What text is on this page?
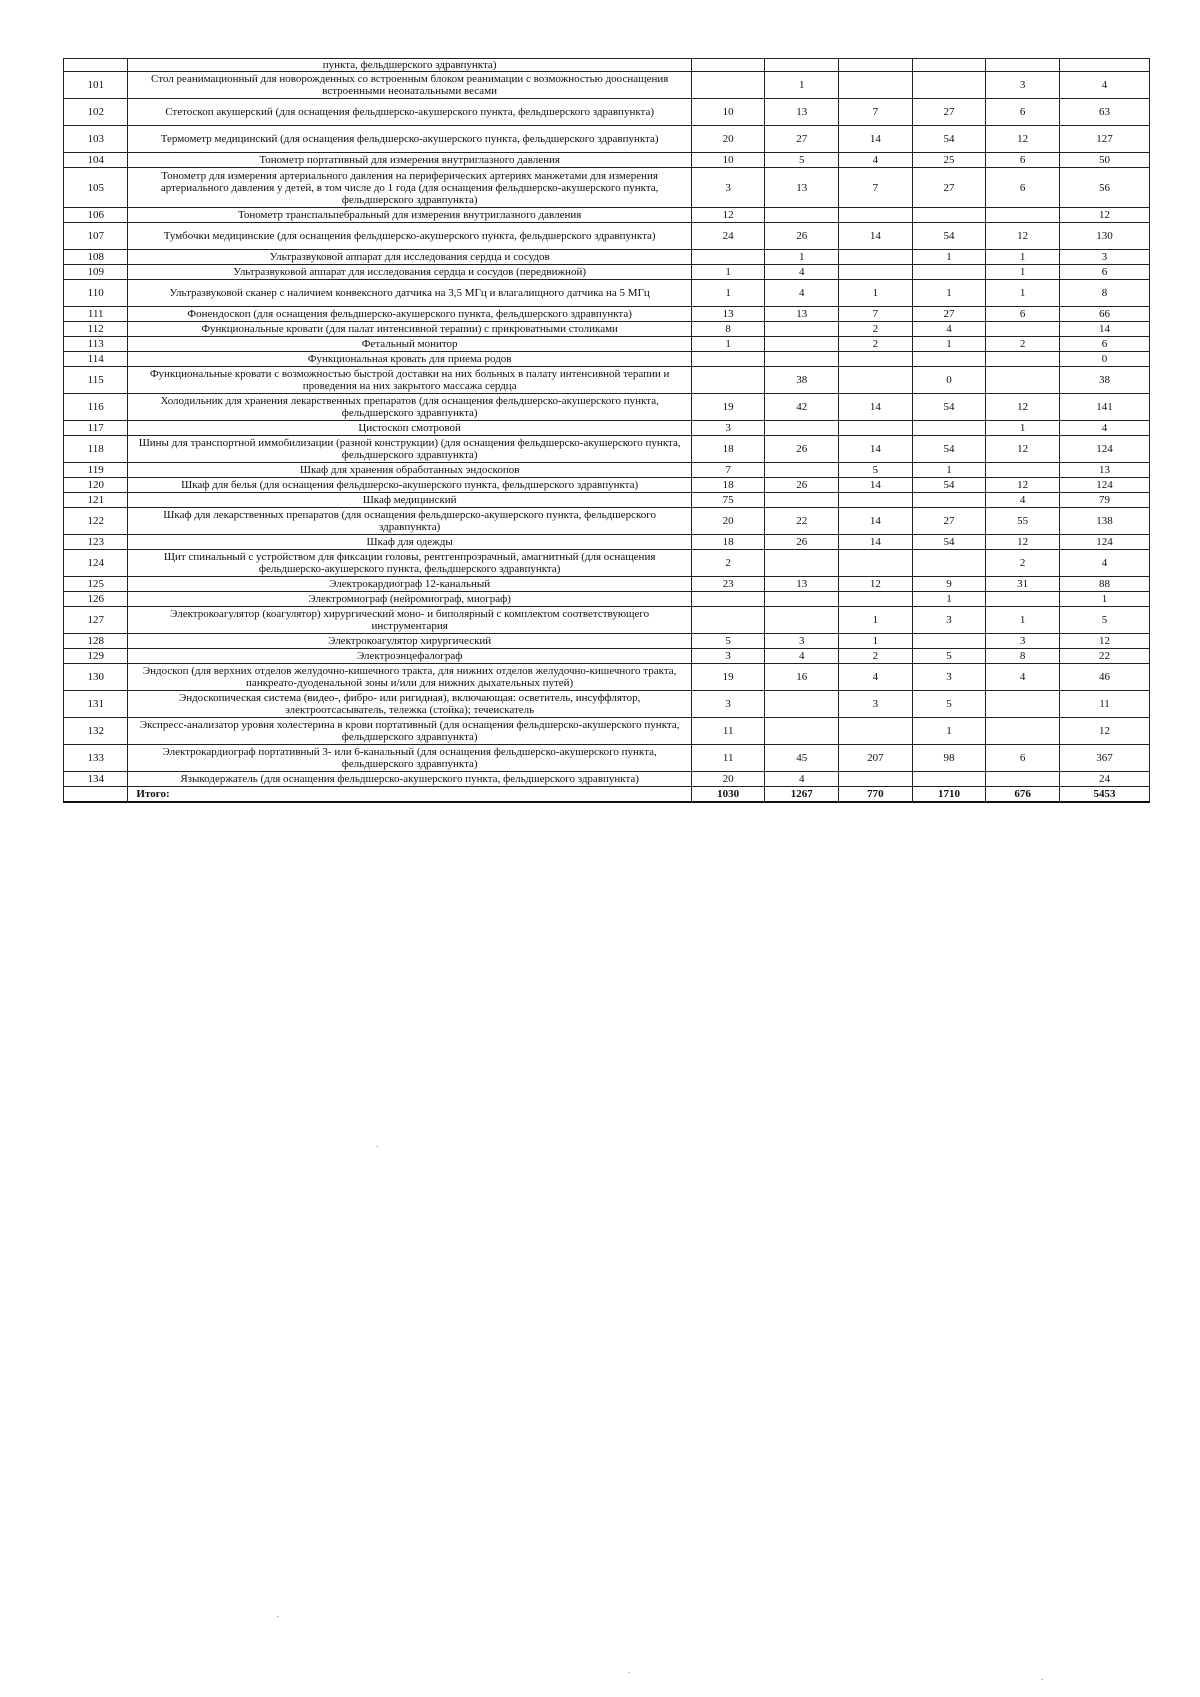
	пункта, фельдшерского здравпункта)						
101	Стол реанимационный для новорожденных со встроенным блоком реанимации с возможностью дооснащения встроенными неонатальными весами		1			3	4
102	Стетоскоп акушерский (для оснащения фельдшерско-акушерского пункта, фельдшерского здравпункта)	10	13	7	27	6	63
103	Термометр медицинский (для оснащения фельдшерско-акушерского пункта, фельдшерского здравпункта)	20	27	14	54	12	127
104	Тонометр портативный для измерения внутриглазного давления	10	5	4	25	6	50
105	Тонометр для измерения артериального давления на периферических артериях манжетами для измерения артериального давления у детей, в том числе до 1 года (для оснащения фельдшерско-акушерского пункта, фельдшерского здравпункта)	3	13	7	27	6	56
106	Тонометр транспальпебральный для измерения внутриглазного давления	12					12
107	Тумбочки медицинские (для оснащения фельдшерско-акушерского пункта, фельдшерского здравпункта)	24	26	14	54	12	130
108	Ультразвуковой аппарат для исследования сердца и сосудов		1		1	1	3
109	Ультразвуковой аппарат для исследования сердца и сосудов (передвижной)	1	4			1	6
110	Ультразвуковой сканер с наличием конвексного датчика на 3,5 МГц и влагалищного датчика на 5 МГц	1	4	1	1	1	8
111	Фонендоскоп (для оснащения фельдшерско-акушерского пункта, фельдшерского здравпункта)	13	13	7	27	6	66
112	Функциональные кровати (для палат интенсивной терапии) с прикроватными столиками	8		2	4		14
113	Фетальный монитор	1		2	1	2	6
114	Функциональная кровать для приема родов						0
115	Функциональные кровати с возможностью быстрой доставки на них больных в палату интенсивной терапии и проведения на них закрытого массажа сердца		38		0		38
116	Холодильник для хранения лекарственных препаратов (для оснащения фельдшерско-акушерского пункта, фельдшерского здравпункта)	19	42	14	54	12	141
117	Цистоскоп смотровой	3				1	4
118	Шины для транспортной иммобилизации (разной конструкции) (для оснащения фельдшерско-акушерского пункта, фельдшерского здравпункта)	18	26	14	54	12	124
119	Шкаф для хранения обработанных эндоскопов	7		5	1		13
120	Шкаф для белья (для оснащения фельдшерско-акушерского пункта, фельдшерского здравпункта)	18	26	14	54	12	124
121	Шкаф медицинский	75				4	79
122	Шкаф для лекарственных препаратов (для оснащения фельдшерско-акушерского пункта, фельдшерского здравпункта)	20	22	14	27	55	138
123	Шкаф для одежды	18	26	14	54	12	124
124	Щит спинальный с устройством для фиксации головы, рентгенпрозрачный, амагнитный (для оснащения фельдшерско-акушерского пункта, фельдшерского здравпункта)	2				2	4
125	Электрокардиограф 12-канальный	23	13	12	9	31	88
126	Электромиограф (нейромиограф, миограф)				1		1
127	Электрокоагулятор (коагулятор) хирургический моно- и биполярный с комплектом соответствующего инструментария			1	3	1	5
128	Электрокоагулятор хирургический	5	3	1		3	12
129	Электроэнцефалограф	3	4	2	5	8	22
130	Эндоскоп (для верхних отделов желудочно-кишечного тракта, для нижних отделов желудочно-кишечного тракта, панкреато-дуоденальной зоны и/или для нижних дыхательных путей)	19	16	4	3	4	46
131	Эндоскопическая система (видео-, фибро- или ригидная), включающая: осветитель, инсуффлятор, электроотсасыватель, тележка (стойка); течеискатель	3		3	5		11
132	Экспресс-анализатор уровня холестерина в крови портативный (для оснащения фельдшерско-акушерского пункта, фельдшерского здравпункта)	11			1		12
133	Электрокардиограф портативный 3- или 6-канальный (для оснащения фельдшерско-акушерского пункта, фельдшерского здравпункта)	11	45	207	98	6	367
134	Языкодержатель (для оснащения фельдшерско-акушерского пункта, фельдшерского здравпункта)	20	4				24
	Итого:	1030	1267	770	1710	676	5453
